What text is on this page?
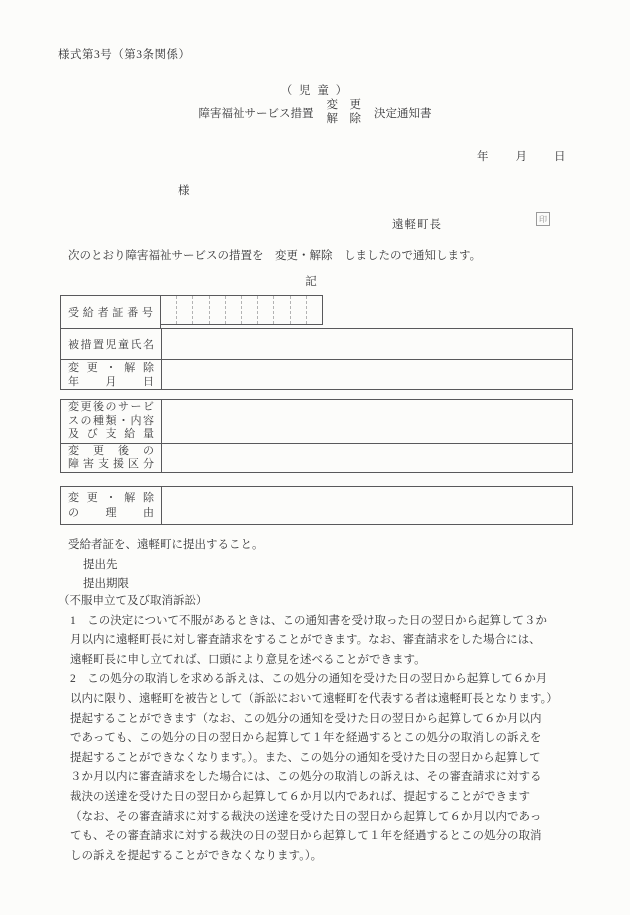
様式第3号（第3条関係）
（ 児 童 ）
障害福祉サービス措置
変　更
解　除 決定通知書
年 月 日
様
遠軽町長	印
次のとおり障害福祉サービスの措置を　変更・解除　しましたので通知します。
記
受 給 者 証 番 号
被 措 置 児 童 氏 名
変 更 ・ 解 除
年 月 日
変 更 後 の サ ー ビ
ス の 種 類 ・ 内 容
及 び 支 給 量
変 更 後 の
障 害 支 援 区 分
変 更 ・ 解 除
の 理 由
受給者証を、遠軽町に提出すること。
提出先
提出期限
（不服申立て及び取消訴訟）
1　この決定について不服があるときは、この通知書を受け取った日の翌日から起算して３か
月以内に遠軽町長に対し審査請求をすることができます。なお、審査請求をした場合には、
遠軽町長に申し立てれば、口頭により意見を述べることができます。
2　この処分の取消しを求める訴えは、この処分の通知を受けた日の翌日から起算して６か月
以内に限り、遠軽町を被告として（訴訟において遠軽町を代表する者は遠軽町長となります。）
提起することができます（なお、この処分の通知を受けた日の翌日から起算して６か月以内
であっても、この処分の日の翌日から起算して１年を経過するとこの処分の取消しの訴えを
提起することができなくなります。）。また、この処分の通知を受けた日の翌日から起算して
３か月以内に審査請求をした場合には、この処分の取消しの訴えは、その審査請求に対する
裁決の送達を受けた日の翌日から起算して６か月以内であれば、提起することができます
（なお、その審査請求に対する裁決の送達を受けた日の翌日から起算して６か月以内であっ
ても、その審査請求に対する裁決の日の翌日から起算して１年を経過するとこの処分の取消
しの訴えを提起することができなくなります。）。
